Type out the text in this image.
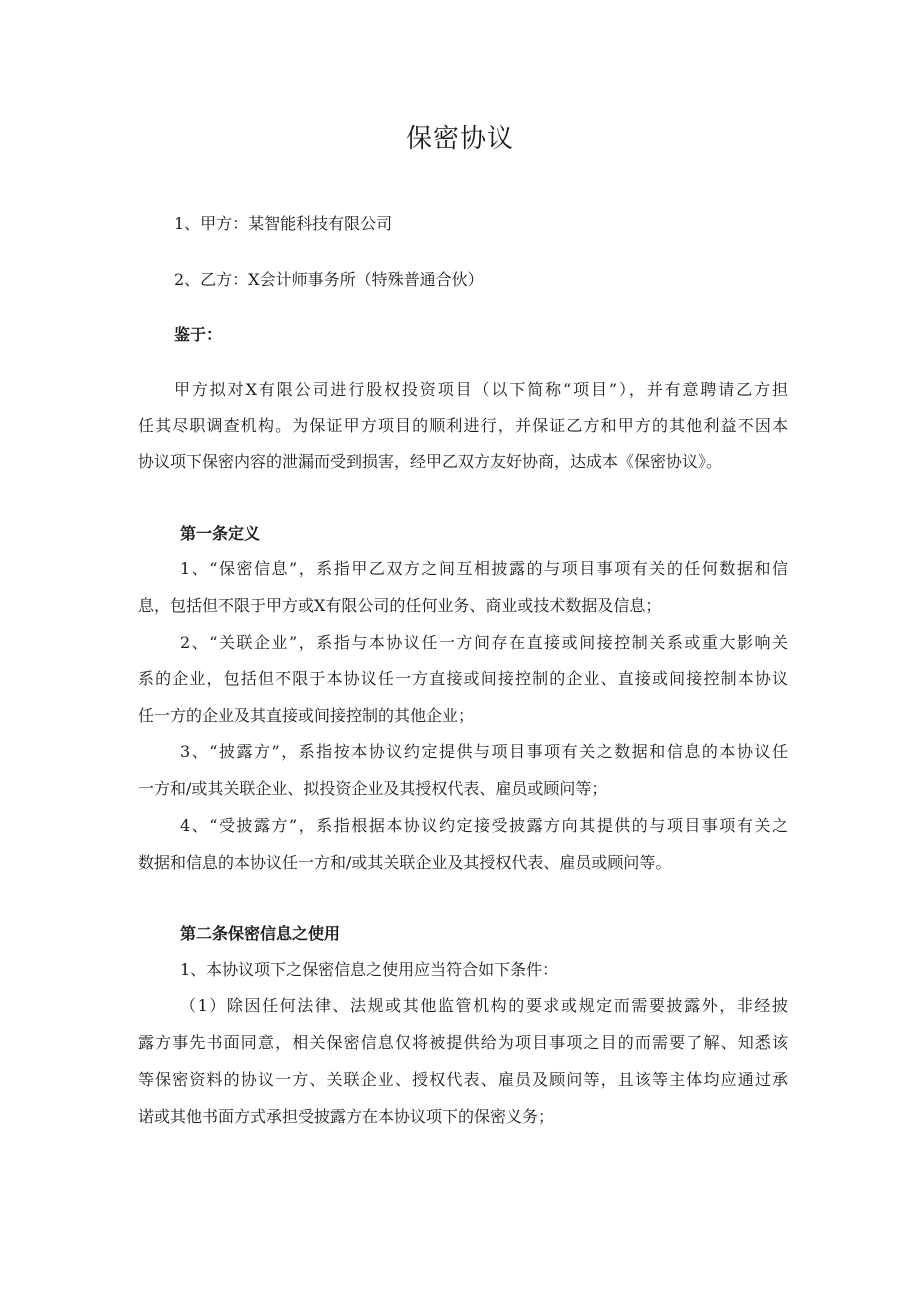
保密协议
1、甲方：某智能科技有限公司
2、乙方：X会计师事务所（特殊普通合伙）
鉴于：
甲方拟对X有限公司进行股权投资项目（以下简称“项目”），并有意聘请乙方担
任其尽职调查机构。为保证甲方项目的顺利进行，并保证乙方和甲方的其他利益不因本
协议项下保密内容的泄漏而受到损害，经甲乙双方友好协商，达成本《保密协议》。
第一条定义
1、“保密信息”，系指甲乙双方之间互相披露的与项目事项有关的任何数据和信
息，包括但不限于甲方或X有限公司的任何业务、商业或技术数据及信息；
2、“关联企业”，系指与本协议任一方间存在直接或间接控制关系或重大影响关
系的企业，包括但不限于本协议任一方直接或间接控制的企业、直接或间接控制本协议
任一方的企业及其直接或间接控制的其他企业；
3、“披露方”，系指按本协议约定提供与项目事项有关之数据和信息的本协议任
一方和/或其关联企业、拟投资企业及其授权代表、雇员或顾问等；
4、“受披露方”，系指根据本协议约定接受披露方向其提供的与项目事项有关之
数据和信息的本协议任一方和/或其关联企业及其授权代表、雇员或顾问等。
第二条保密信息之使用
1、本协议项下之保密信息之使用应当符合如下条件：
（1）除因任何法律、法规或其他监管机构的要求或规定而需要披露外，非经披
露方事先书面同意，相关保密信息仅将被提供给为项目事项之目的而需要了解、知悉该
等保密资料的协议一方、关联企业、授权代表、雇员及顾问等，且该等主体均应通过承
诺或其他书面方式承担受披露方在本协议项下的保密义务；
